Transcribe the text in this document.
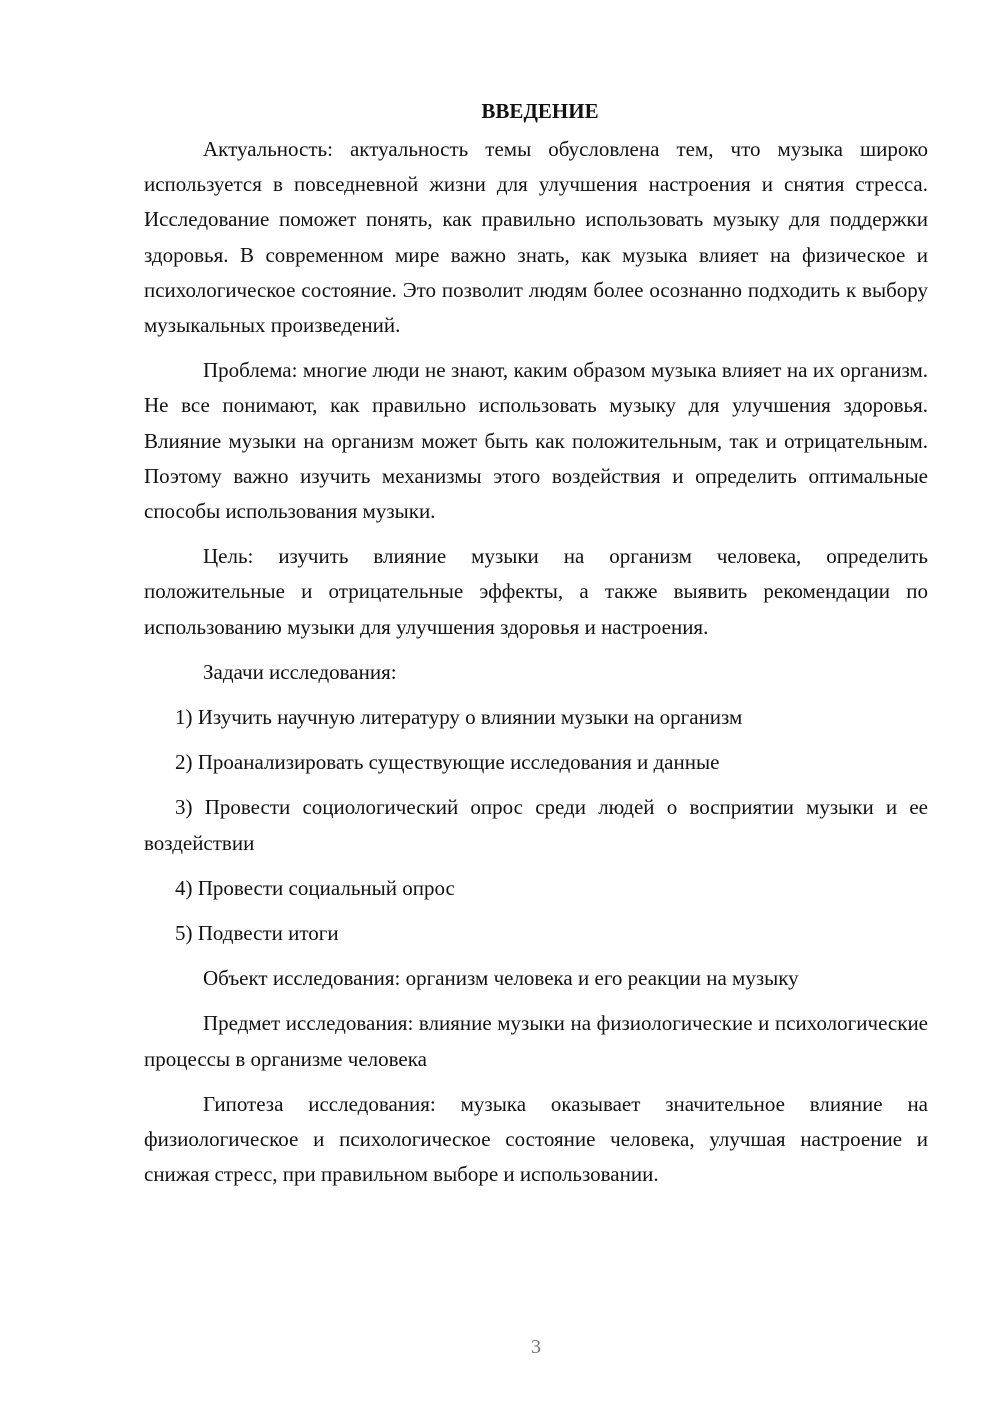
ВВЕДЕНИЕ

Актуальность: актуальность темы обусловлена тем, что музыка широко используется в повседневной жизни для улучшения настроения и снятия стресса. Исследование поможет понять, как правильно использовать музыку для поддержки здоровья. В современном мире важно знать, как музыка влияет на физическое и психологическое состояние. Это позволит людям более осознанно подходить к выбору музыкальных произведений.

Проблема: многие люди не знают, каким образом музыка влияет на их организм. Не все понимают, как правильно использовать музыку для улучшения здоровья. Влияние музыки на организм может быть как положительным, так и отрицательным. Поэтому важно изучить механизмы этого воздействия и определить оптимальные способы использования музыки.

Цель: изучить влияние музыки на организм человека, определить положительные и отрицательные эффекты, а также выявить рекомендации по использованию музыки для улучшения здоровья и настроения.

Задачи исследования:

1) Изучить научную литературу о влиянии музыки на организм

2) Проанализировать существующие исследования и данные

3) Провести социологический опрос среди людей о восприятии музыки и ее воздействии

4) Провести социальный опрос

5) Подвести итоги

Объект исследования: организм человека и его реакции на музыку

Предмет исследования: влияние музыки на физиологические и психологические процессы в организме человека

Гипотеза исследования: музыка оказывает значительное влияние на физиологическое и психологическое состояние человека, улучшая настроение и снижая стресс, при правильном выборе и использовании.

3
